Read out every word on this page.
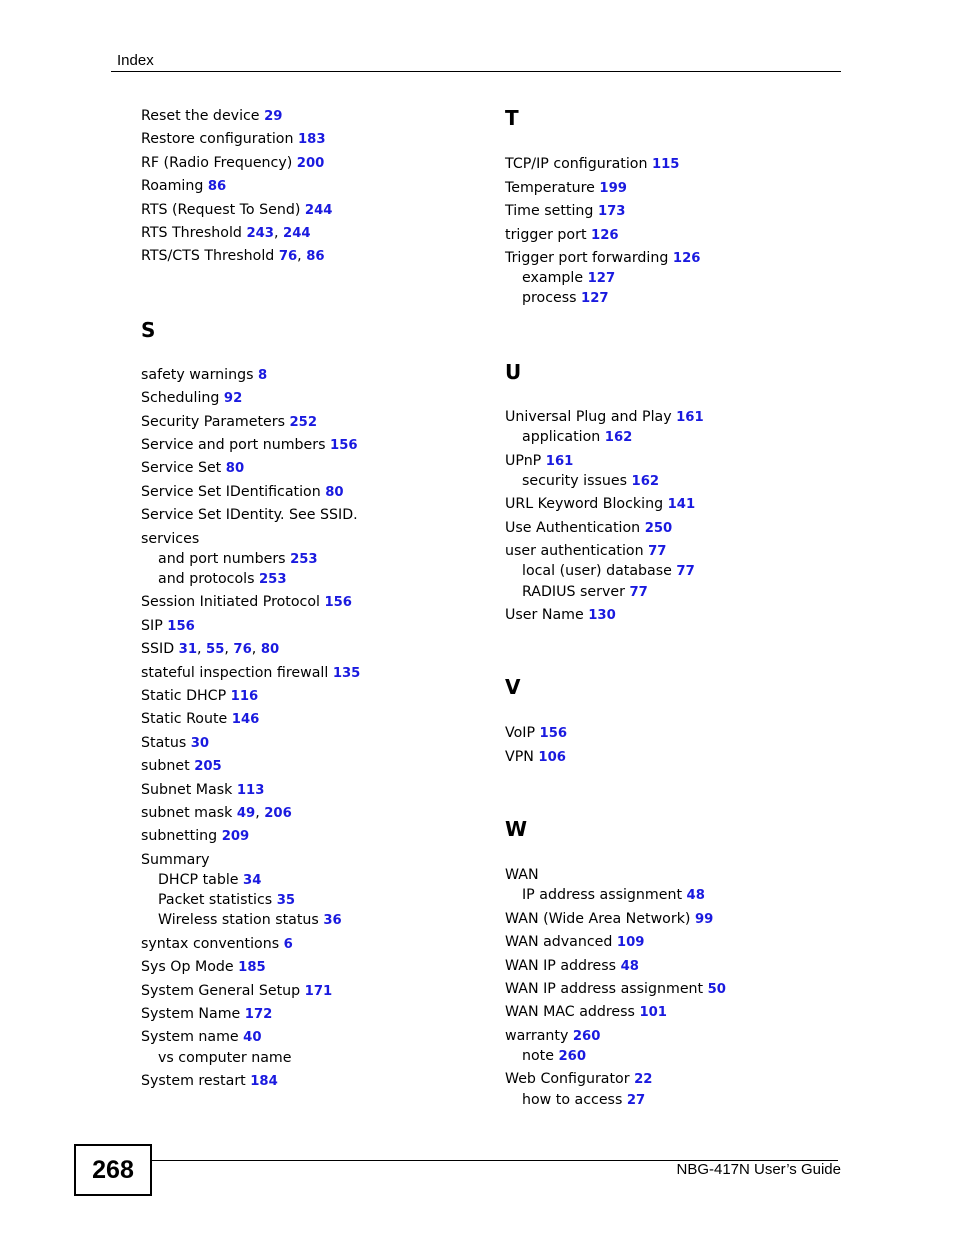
Index
Reset the device 29
Restore configuration 183
RF (Radio Frequency) 200
Roaming 86
RTS (Request To Send) 244
RTS Threshold 243, 244
RTS/CTS Threshold 76, 86
S
safety warnings 8
Scheduling 92
Security Parameters 252
Service and port numbers 156
Service Set 80
Service Set IDentification 80
Service Set IDentity. See SSID.
services
and port numbers 253
and protocols 253
Session Initiated Protocol 156
SIP 156
SSID 31, 55, 76, 80
stateful inspection firewall 135
Static DHCP 116
Static Route 146
Status 30
subnet 205
Subnet Mask 113
subnet mask 49, 206
subnetting 209
Summary
DHCP table 34
Packet statistics 35
Wireless station status 36
syntax conventions 6
Sys Op Mode 185
System General Setup 171
System Name 172
System name 40
vs computer name
System restart 184
T
TCP/IP configuration 115
Temperature 199
Time setting 173
trigger port 126
Trigger port forwarding 126
example 127
process 127
U
Universal Plug and Play 161
application 162
UPnP 161
security issues 162
URL Keyword Blocking 141
Use Authentication 250
user authentication 77
local (user) database 77
RADIUS server 77
User Name 130
V
VoIP 156
VPN 106
W
WAN
IP address assignment 48
WAN (Wide Area Network) 99
WAN advanced 109
WAN IP address 48
WAN IP address assignment 50
WAN MAC address 101
warranty 260
note 260
Web Configurator 22
how to access 27
268	NBG-417N User’s Guide
